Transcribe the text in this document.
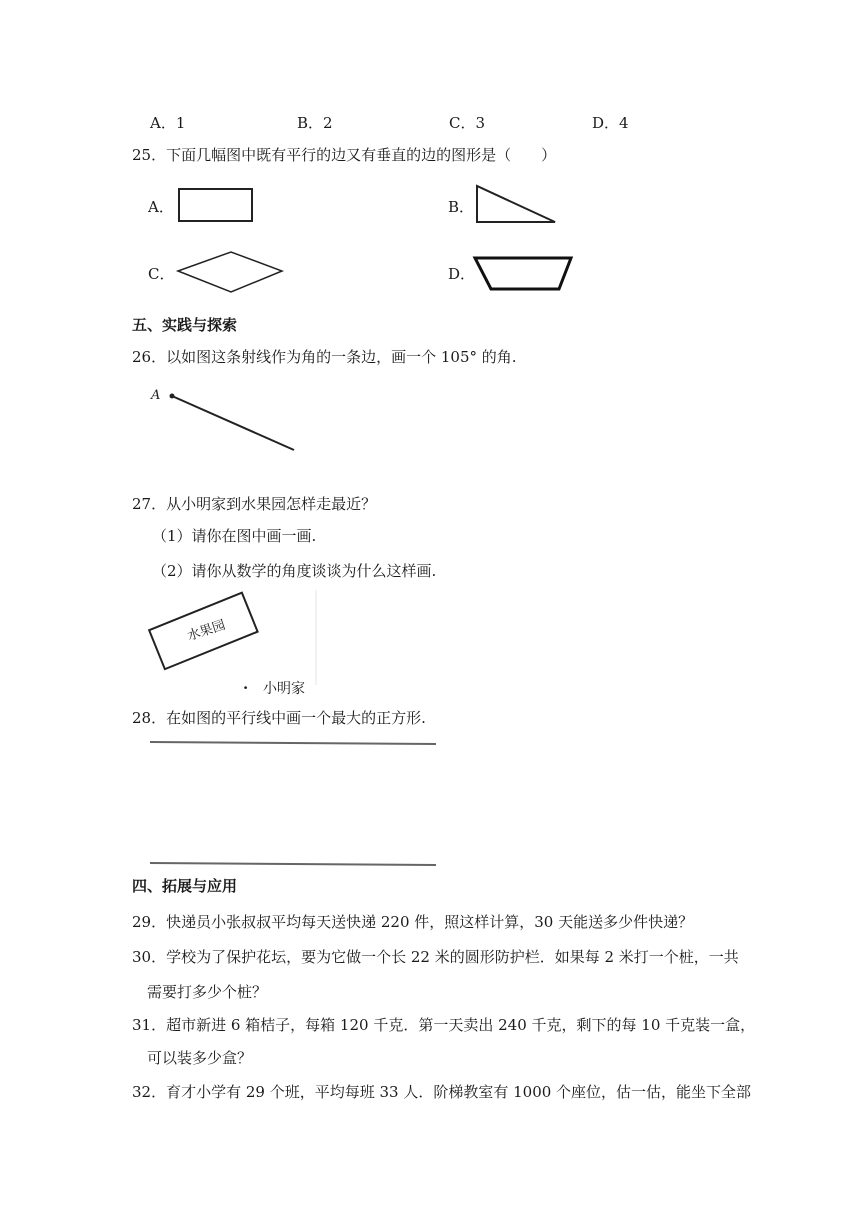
A．1	B．2	C．3	D．4
25．下面几幅图中既有平行的边又有垂直的边的图形是（　　）
A．	B．
C．	D．
五、实践与探索
26．以如图这条射线作为角的一条边，画一个 105° 的角.
A
27．从小明家到水果园怎样走最近？
（1）请你在图中画一画.
（2）请你从数学的角度谈谈为什么这样画.
水果园
· 小明家
28．在如图的平行线中画一个最大的正方形.
四、拓展与应用
29．快递员小张叔叔平均每天送快递 220 件，照这样计算，30 天能送多少件快递？
30．学校为了保护花坛，要为它做一个长 22 米的圆形防护栏．如果每 2 米打一个桩，一共
需要打多少个桩？
31．超市新进 6 箱桔子，每箱 120 千克．第一天卖出 240 千克，剩下的每 10 千克装一盒，
可以装多少盒？
32．育才小学有 29 个班，平均每班 33 人．阶梯教室有 1000 个座位，估一估，能坐下全部
